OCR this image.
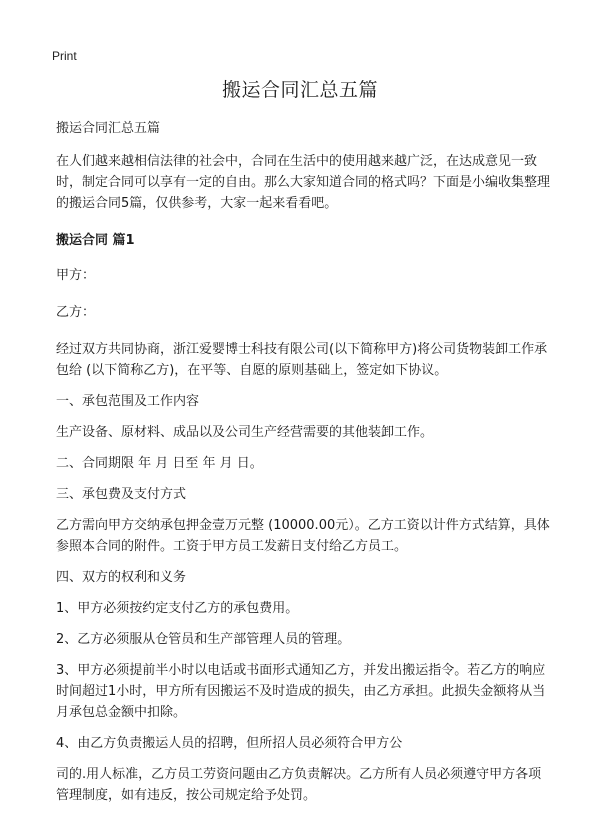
Print
搬运合同汇总五篇

搬运合同汇总五篇

在人们越来越相信法律的社会中，合同在生活中的使用越来越广泛，在达成意见一致时，制定合同可以享有一定的自由。那么大家知道合同的格式吗？下面是小编收集整理的搬运合同5篇，仅供参考，大家一起来看看吧。

搬运合同 篇1

甲方：

乙方：

经过双方共同协商，浙江爱婴博士科技有限公司(以下简称甲方)将公司货物装卸工作承包给 (以下简称乙方)，在平等、自愿的原则基础上，签定如下协议。

一、承包范围及工作内容

生产设备、原材料、成品以及公司生产经营需要的其他装卸工作。

二、合同期限 年 月 日至 年 月 日。

三、承包费及支付方式

乙方需向甲方交纳承包押金壹万元整 (10000.00元）。乙方工资以计件方式结算，具体参照本合同的附件。工资于甲方员工发薪日支付给乙方员工。

四、双方的权利和义务

1、甲方必须按约定支付乙方的承包费用。

2、乙方必须服从仓管员和生产部管理人员的管理。

3、甲方必须提前半小时以电话或书面形式通知乙方，并发出搬运指令。若乙方的响应时间超过1小时，甲方所有因搬运不及时造成的损失，由乙方承担。此损失金额将从当月承包总金额中扣除。

4、由乙方负责搬运人员的招聘，但所招人员必须符合甲方公

司的.用人标准，乙方员工劳资问题由乙方负责解决。乙方所有人员必须遵守甲方各项管理制度，如有违反，按公司规定给予处罚。
